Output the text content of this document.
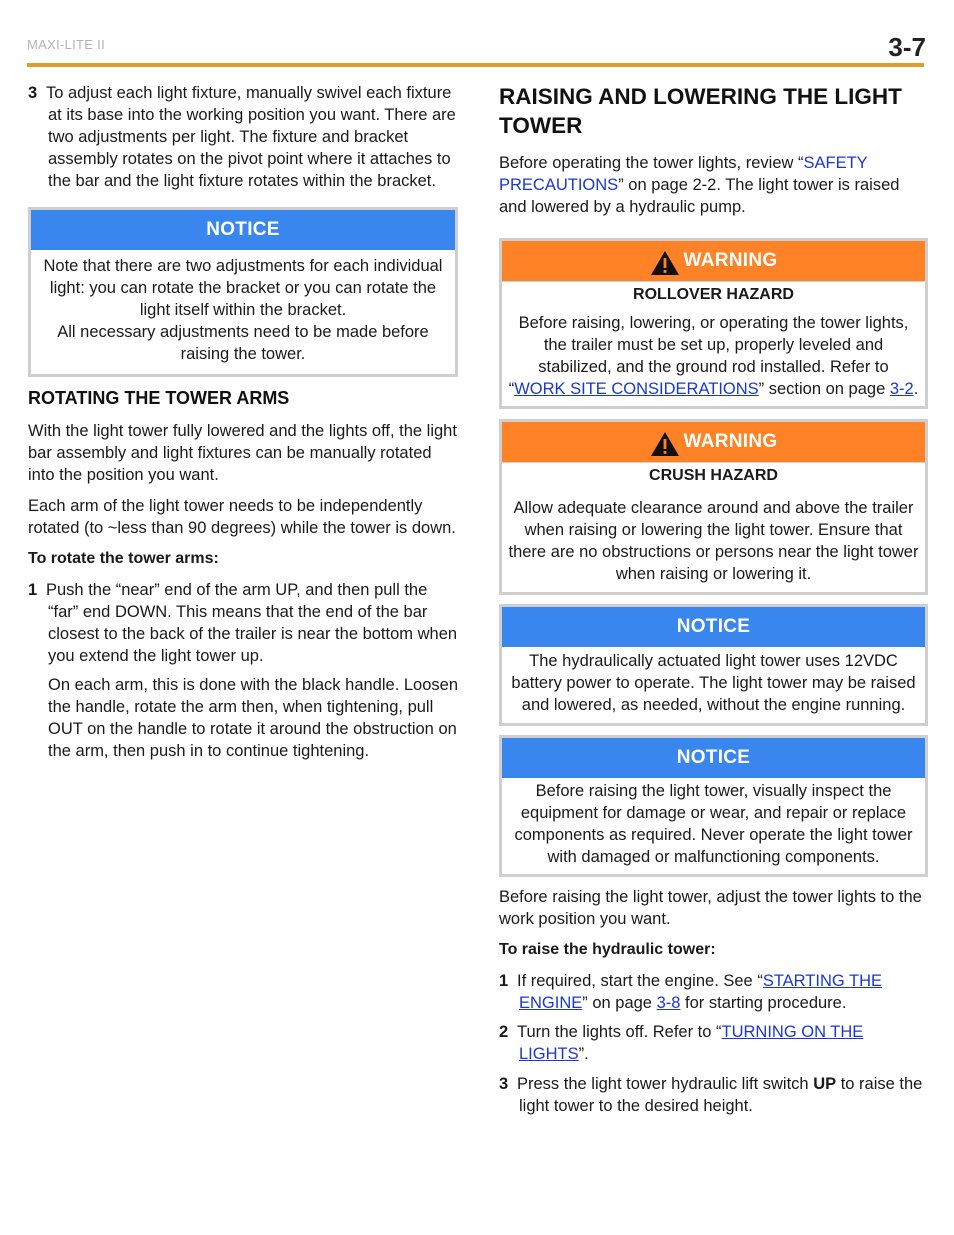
MAXI-LITE II	3-7

3 To adjust each light fixture, manually swivel each fixture at its base into the working position you want. There are two adjustments per light. The fixture and bracket assembly rotates on the pivot point where it attaches to the bar and the light fixture rotates within the bracket.

NOTICE
Note that there are two adjustments for each individual light: you can rotate the bracket or you can rotate the light itself within the bracket.
All necessary adjustments need to be made before raising the tower.
ROTATING THE TOWER ARMS

With the light tower fully lowered and the lights off, the light bar assembly and light fixtures can be manually rotated into the position you want.

Each arm of the light tower needs to be independently rotated (to ~less than 90 degrees) while the tower is down.

To rotate the tower arms:

1 Push the “near” end of the arm UP, and then pull the “far” end DOWN. This means that the end of the bar closest to the back of the trailer is near the bottom when you extend the light tower up.

On each arm, this is done with the black handle. Loosen the handle, rotate the arm then, when tightening, pull OUT on the handle to rotate it around the obstruction on the arm, then push in to continue tightening.

RAISING AND LOWERING THE LIGHT TOWER

Before operating the tower lights, review “SAFETY PRECAUTIONS” on page 2-2. The light tower is raised and lowered by a hydraulic pump.

WARNING
ROLLOVER HAZARD
Before raising, lowering, or operating the tower lights, the trailer must be set up, properly leveled and stabilized, and the ground rod installed. Refer to “WORK SITE CONSIDERATIONS” section on page 3-2.
WARNING
CRUSH HAZARD
Allow adequate clearance around and above the trailer when raising or lowering the light tower. Ensure that there are no obstructions or persons near the light tower when raising or lowering it.
NOTICE
The hydraulically actuated light tower uses 12VDC battery power to operate. The light tower may be raised and lowered, as needed, without the engine running.
NOTICE
Before raising the light tower, visually inspect the equipment for damage or wear, and repair or replace components as required. Never operate the light tower with damaged or malfunctioning components.

Before raising the light tower, adjust the tower lights to the work position you want.

To raise the hydraulic tower:

1 If required, start the engine. See “STARTING THE ENGINE” on page 3-8 for starting procedure.

2 Turn the lights off. Refer to “TURNING ON THE LIGHTS”.

3 Press the light tower hydraulic lift switch UP to raise the light tower to the desired height.
